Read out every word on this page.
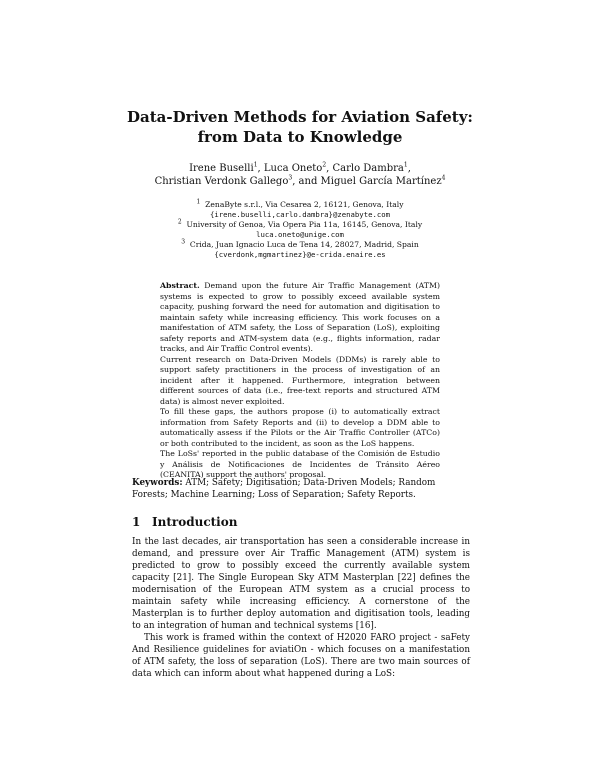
Data-Driven Methods for Aviation Safety:
from Data to Knowledge
Irene Buselli$^1$, Luca Oneto$^2$, Carlo Dambra$^1$,
Christian Verdonk Gallego$^3$, and Miguel García Martínez$^4$
$^1$ ZenaByte s.r.l., Via Cesarea 2, 16121, Genova, Italy
{irene.buselli,carlo.dambra}@zenabyte.com
$^2$ University of Genoa, Via Opera Pia 11a, 16145, Genova, Italy
luca.oneto@unige.com
$^3$ Crida, Juan Ignacio Luca de Tena 14, 28027, Madrid, Spain
{cverdonk,mgmartinez}@e-crida.enaire.es

Abstract. Demand upon the future Air Traffic Management (ATM) systems is expected to grow to possibly exceed available system capacity, pushing forward the need for automation and digitisation to maintain safety while increasing efficiency. This work focuses on a manifestation of ATM safety, the Loss of Separation (LoS), exploiting safety reports and ATM-system data (e.g., flights information, radar tracks, and Air Traffic Control events).

Current research on Data-Driven Models (DDMs) is rarely able to support safety practitioners in the process of investigation of an incident after it happened. Furthermore, integration between different sources of data (i.e., free-text reports and structured ATM data) is almost never exploited.

To fill these gaps, the authors propose (i) to automatically extract information from Safety Reports and (ii) to develop a DDM able to automatically assess if the Pilots or the Air Traffic Controller (ATCo) or both contributed to the incident, as soon as the LoS happens.

The LoSs' reported in the public database of the Comisión de Estudio y Análisis de Notificaciones de Incidentes de Tránsito Aéreo (CEANITA) support the authors' proposal.

Keywords: ATM; Safety; Digitisation; Data-Driven Models; Random Forests; Machine Learning; Loss of Separation; Safety Reports.
1 Introduction

In the last decades, air transportation has seen a considerable increase in demand, and pressure over Air Traffic Management (ATM) system is predicted to grow to possibly exceed the currently available system capacity [21]. The Single European Sky ATM Masterplan [22] defines the modernisation of the European ATM system as a crucial process to maintain safety while increasing efficiency. A cornerstone of the Masterplan is to further deploy automation and digitisation tools, leading to an integration of human and technical systems [16].

This work is framed within the context of H2020 FARO project - saFety And Resilience guidelines for aviatiOn - which focuses on a manifestation of ATM safety, the loss of separation (LoS). There are two main sources of data which can inform about what happened during a LoS:
